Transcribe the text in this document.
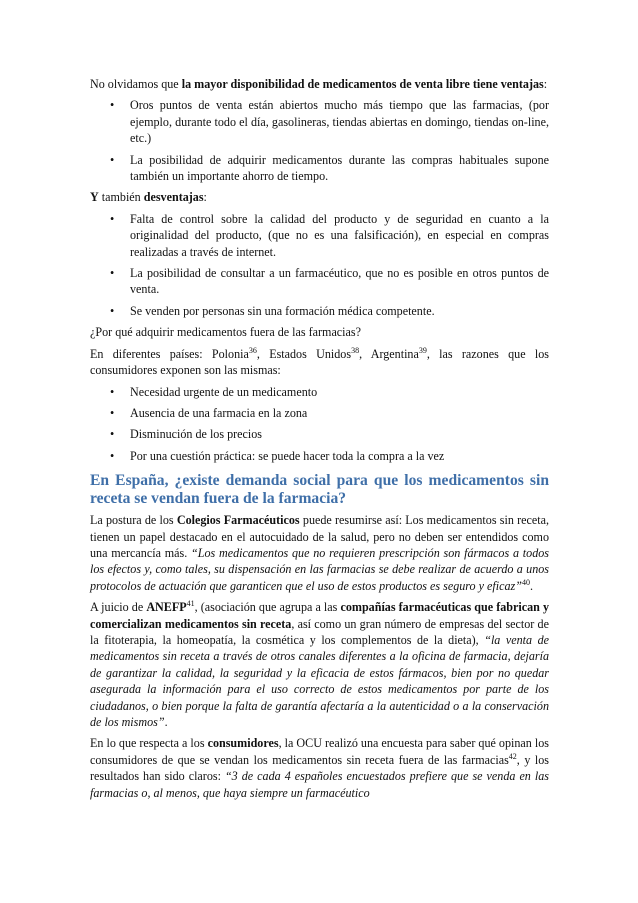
No olvidamos que la mayor disponibilidad de medicamentos de venta libre tiene ventajas:

• Oros puntos de venta están abiertos mucho más tiempo que las farmacias, (por ejemplo, durante todo el día, gasolineras, tiendas abiertas en domingo, tiendas on-line, etc.)
• La posibilidad de adquirir medicamentos durante las compras habituales supone también un importante ahorro de tiempo.

Y también desventajas:

• Falta de control sobre la calidad del producto y de seguridad en cuanto a la originalidad del producto, (que no es una falsificación), en especial en compras realizadas a través de internet.
• La posibilidad de consultar a un farmacéutico, que no es posible en otros puntos de venta.
• Se venden por personas sin una formación médica competente.

¿Por qué adquirir medicamentos fuera de las farmacias?

En diferentes países: Polonia$^{36}$, Estados Unidos$^{38}$, Argentina$^{39}$, las razones que los consumidores exponen son las mismas:

• Necesidad urgente de un medicamento
• Ausencia de una farmacia en la zona
• Disminución de los precios
• Por una cuestión práctica: se puede hacer toda la compra a la vez
En España, ¿existe demanda social para que los medicamentos sin receta se vendan fuera de la farmacia?

La postura de los Colegios Farmacéuticos puede resumirse así: Los medicamentos sin receta, tienen un papel destacado en el autocuidado de la salud, pero no deben ser entendidos como una mercancía más. “Los medicamentos que no requieren prescripción son fármacos a todos los efectos y, como tales, su dispensación en las farmacias se debe realizar de acuerdo a unos protocolos de actuación que garanticen que el uso de estos productos es seguro y eficaz”$^{40}$.

A juicio de ANEFP$^{41}$, (asociación que agrupa a las compañías farmacéuticas que fabrican y comercializan medicamentos sin receta, así como un gran número de empresas del sector de la fitoterapia, la homeopatía, la cosmética y los complementos de la dieta), “la venta de medicamentos sin receta a través de otros canales diferentes a la oficina de farmacia, dejaría de garantizar la calidad, la seguridad y la eficacia de estos fármacos, bien por no quedar asegurada la información para el uso correcto de estos medicamentos por parte de los ciudadanos, o bien porque la falta de garantía afectaría a la autenticidad o a la conservación de los mismos”.

En lo que respecta a los consumidores, la OCU realizó una encuesta para saber qué opinan los consumidores de que se vendan los medicamentos sin receta fuera de las farmacias$^{42}$, y los resultados han sido claros: “3 de cada 4 españoles encuestados prefiere que se venda en las farmacias o, al menos, que haya siempre un farmacéutico
